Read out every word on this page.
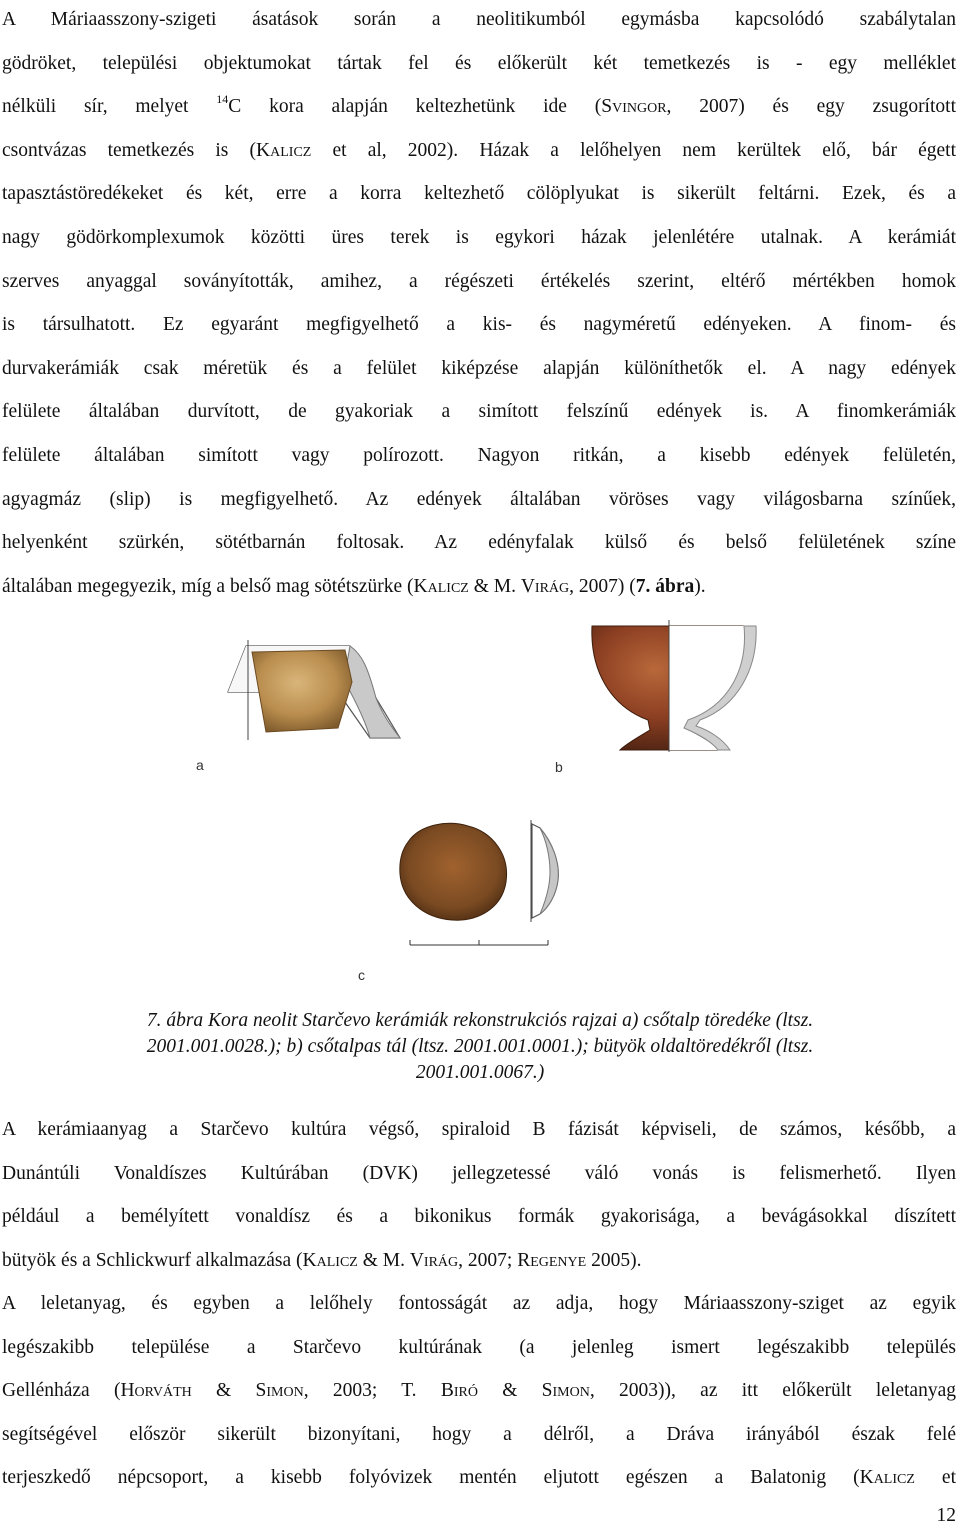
A Máriaasszony-szigeti ásatások során a neolitikumból egymásba kapcsolódó szabálytalan
gödröket, települési objektumokat tártak fel és előkerült két temetkezés is - egy melléklet
nélküli sír, melyet $^{14}$C kora alapján keltezhetünk ide (Svingor, 2007) és egy zsugorított
csontvázas temetkezés is (Kalicz et al, 2002). Házak a lelőhelyen nem kerültek elő, bár égett
tapasztástöredékeket és két, erre a korra keltezhető cölöplyukat is sikerült feltárni. Ezek, és a
nagy gödörkomplexumok közötti üres terek is egykori házak jelenlétére utalnak. A kerámiát
szerves anyaggal soványították, amihez, a régészeti értékelés szerint, eltérő mértékben homok
is társulhatott. Ez egyaránt megfigyelhető a kis- és nagyméretű edényeken. A finom- és
durvakerámiák csak méretük és a felület kiképzése alapján különíthetők el. A nagy edények
felülete általában durvított, de gyakoriak a simított felszínű edények is. A finomkerámiák
felülete általában simított vagy polírozott. Nagyon ritkán, a kisebb edények felületén,
agyagmáz (slip) is megfigyelhető. Az edények általában vöröses vagy világosbarna színűek,
helyenként szürkén, sötétbarnán foltosak. Az edényfalak külső és belső felületének színe
általában megegyezik, míg a belső mag sötétszürke (Kalicz & M. Virág, 2007) (7. ábra).
a	b
c
7. ábra Kora neolit Starčevo kerámiák rekonstrukciós rajzai a) csőtalp töredéke (ltsz.
2001.001.0028.); b) csőtalpas tál (ltsz. 2001.001.0001.); bütyök oldaltöredékről (ltsz.
2001.001.0067.)
A kerámiaanyag a Starčevo kultúra végső, spiraloid B fázisát képviseli, de számos, később, a
Dunántúli Vonaldíszes Kultúrában (DVK) jellegzetessé váló vonás is felismerhető. Ilyen
például a bemélyített vonaldísz és a bikonikus formák gyakorisága, a bevágásokkal díszített
bütyök és a Schlickwurf alkalmazása (Kalicz & M. Virág, 2007; Regenye 2005).
A leletanyag, és egyben a lelőhely fontosságát az adja, hogy Máriaasszony-sziget az egyik
legészakibb települése a Starčevo kultúrának (a jelenleg ismert legészakibb település
Gellénháza (Horváth & Simon, 2003; T. Biró & Simon, 2003)), az itt előkerült leletanyag
segítségével először sikerült bizonyítani, hogy a délről, a Dráva irányából észak felé
terjeszkedő népcsoport, a kisebb folyóvizek mentén eljutott egészen a Balatonig (Kalicz et
12
